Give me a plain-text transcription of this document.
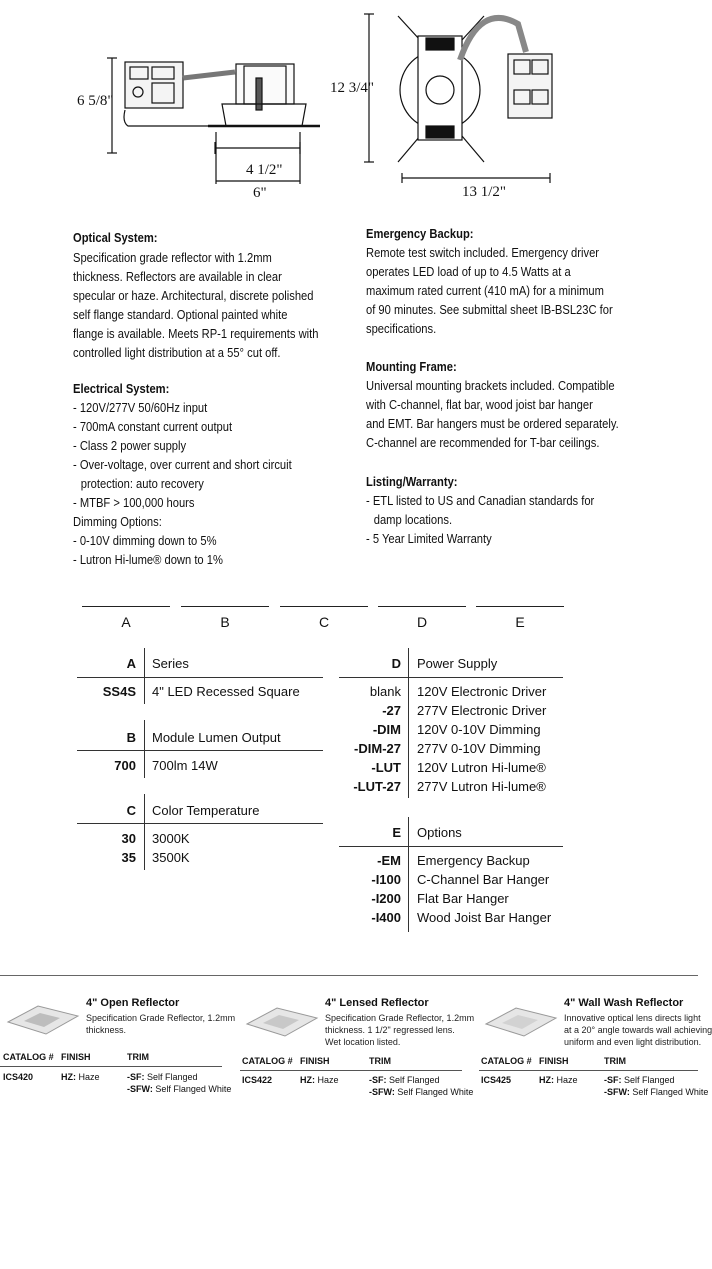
6 5/8"
4 1/2"
6"
12 3/4"
13 1/2"
Optical System:
Specification grade reflector with 1.2mm
thickness. Reflectors are available in clear
specular or haze. Architectural, discrete polished
self flange standard. Optional painted white
flange is available. Meets RP-1 requirements with
controlled light distribution at a 55° cut off.
Electrical System:
- 120V/277V 50/60Hz input
- 700mA constant current output
- Class 2 power supply
- Over-voltage, over current and short circuit
protection: auto recovery
- MTBF > 100,000 hours
Dimming Options:
- 0-10V dimming down to 5%
- Lutron Hi-lume® down to 1%
Emergency Backup:
Remote test switch included. Emergency driver
operates LED load of up to 4.5 Watts at a
maximum rated current (410 mA) for a minimum
of 90 minutes. See submittal sheet IB-BSL23C for
specifications.
Mounting Frame:
Universal mounting brackets included. Compatible
with C-channel, flat bar, wood joist bar hanger
and EMT. Bar hangers must be ordered separately.
C-channel are recommended for T-bar ceilings.
Listing/Warranty:
- ETL listed to US and Canadian standards for
damp locations.
- 5 Year Limited Warranty
A	B	C	D	E
A Series
SS4S 4" LED Recessed Square
B Module Lumen Output
700 700lm 14W
C Color Temperature
30 3000K
35 3500K
D Power Supply
blank 120V Electronic Driver
-27 277V Electronic Driver
-DIM 120V 0-10V Dimming
-DIM-27 277V 0-10V Dimming
-LUT 120V Lutron Hi-lume®
-LUT-27 277V Lutron Hi-lume®
E Options
-EM Emergency Backup
-I100 C-Channel Bar Hanger
-I200 Flat Bar Hanger
-I400 Wood Joist Bar Hanger
4" Open Reflector
Specification Grade Reflector, 1.2mm
thickness.
CATALOG # FINISH	TRIM
ICS420	HZ: Haze	-SF: Self Flanged
-SFW: Self Flanged White
4" Lensed Reflector
Specification Grade Reflector, 1.2mm
thickness. 1 1/2" regressed lens.
Wet location listed.
CATALOG # FINISH	TRIM
ICS422	HZ: Haze	-SF: Self Flanged
-SFW: Self Flanged White
4" Wall Wash Reflector
Innovative optical lens directs light
at a 20° angle towards wall achieving
uniform and even light distribution.
CATALOG # FINISH	TRIM
ICS425	HZ: Haze	-SF: Self Flanged
-SFW: Self Flanged White
